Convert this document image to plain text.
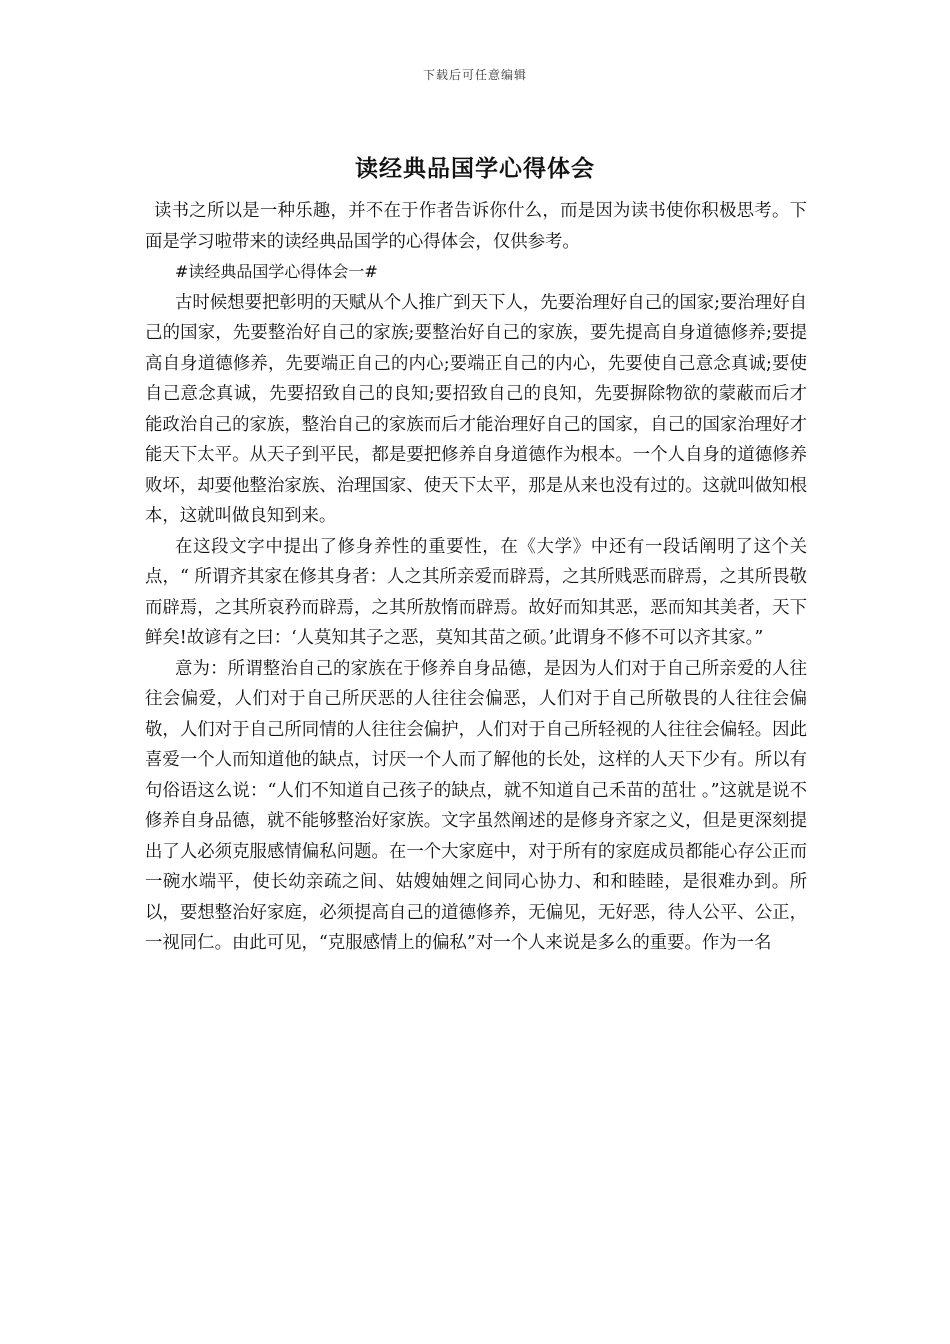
下载后可任意编辑
读经典品国学心得体会

读书之所以是一种乐趣，并不在于作者告诉你什么，而是因为读书使你积极思考。下面是学习啦带来的读经典品国学的心得体会，仅供参考。

#读经典品国学心得体会一#

古时候想要把彰明的天赋从个人推广到天下人，先要治理好自己的国家;要治理好自己的国家，先要整治好自己的家族;要整治好自己的家族，要先提高自身道德修养;要提高自身道德修养，先要端正自己的内心;要端正自己的内心，先要使自己意念真诚;要使自己意念真诚，先要招致自己的良知;要招致自己的良知，先要摒除物欲的蒙蔽而后才能政治自己的家族，整治自己的家族而后才能治理好自己的国家，自己的国家治理好才能天下太平。从天子到平民，都是要把修养自身道德作为根本。一个人自身的道德修养败坏，却要他整治家族、治理国家、使天下太平，那是从来也没有过的。这就叫做知根本，这就叫做良知到来。

在这段文字中提出了修身养性的重要性，在《大学》中还有一段话阐明了这个关点，“ 所谓齐其家在修其身者：人之其所亲爱而辟焉，之其所贱恶而辟焉，之其所畏敬而辟焉，之其所哀矜而辟焉，之其所敖惰而辟焉。故好而知其恶，恶而知其美者，天下鲜矣!故谚有之曰：‘人莫知其子之恶，莫知其苗之硕。’此谓身不修不可以齐其家。”

意为：所谓整治自己的家族在于修养自身品德，是因为人们对于自己所亲爱的人往往会偏爱，人们对于自己所厌恶的人往往会偏恶，人们对于自己所敬畏的人往往会偏敬，人们对于自己所同情的人往往会偏护，人们对于自己所轻视的人往往会偏轻。因此喜爱一个人而知道他的缺点，讨厌一个人而了解他的长处，这样的人天下少有。所以有句俗语这么说：“人们不知道自己孩子的缺点，就不知道自己禾苗的茁壮 。”这就是说不修养自身品德，就不能够整治好家族。文字虽然阐述的是修身齐家之义，但是更深刻提出了人必须克服感情偏私问题。在一个大家庭中，对于所有的家庭成员都能心存公正而一碗水端平，使长幼亲疏之间、姑嫂妯娌之间同心协力、和和睦睦，是很难办到。所以，要想整治好家庭，必须提高自己的道德修养，无偏见，无好恶，待人公平、公正，一视同仁。由此可见，“克服感情上的偏私”对一个人来说是多么的重要。作为一名
